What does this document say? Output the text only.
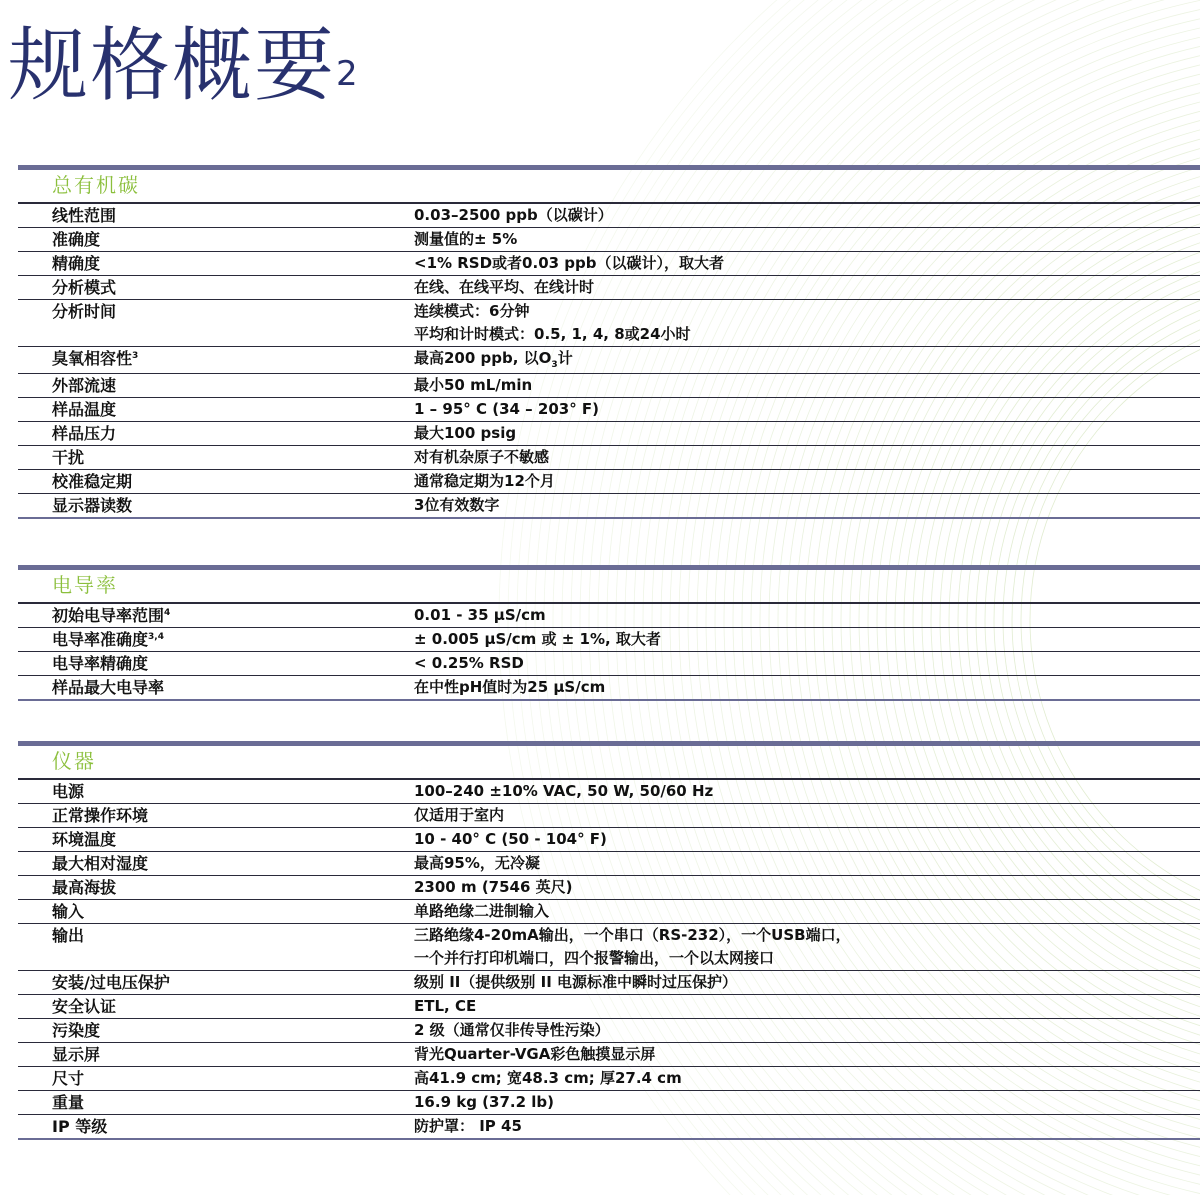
规格概要$^2$
总有机碳
线性范围	0.03–2500 ppb（以碳计）
准确度	测量值的± 5%
精确度	<1% RSD或者0.03 ppb（以碳计），取大者
分析模式	在线、在线平均、在线计时
分析时间	连续模式：6分钟
平均和计时模式：0.5, 1, 4, 8或24小时
臭氧相容性$^3$	最高200 ppb, 以$O_3$计
外部流速	最小50 mL/min
样品温度	1 – 95° C (34 – 203° F)
样品压力	最大100 psig
干扰	对有机杂原子不敏感
校准稳定期	通常稳定期为12个月
显示器读数	3位有效数字
电导率
初始电导率范围$^4$	0.01 - 35 µS/cm
电导率准确度$^{3,4}$	± 0.005 µS/cm 或 ± 1%, 取大者
电导率精确度	< 0.25% RSD
样品最大电导率	在中性pH值时为25 µS/cm
仪器
电源	100–240 ±10% VAC, 50 W, 50/60 Hz
正常操作环境	仅适用于室内
环境温度	10 - 40° C (50 - 104° F)
最大相对湿度	最高95%，无冷凝
最高海拔	2300 m (7546 英尺)
输入	单路绝缘二进制输入
输出	三路绝缘4-20mA输出，一个串口（RS-232），一个USB端口，
一个并行打印机端口，四个报警输出，一个以太网接口
安装/过电压保护	级别 II（提供级别 II 电源标准中瞬时过压保护）
安全认证	ETL, CE
污染度	2 级（通常仅非传导性污染）
显示屏	背光Quarter-VGA彩色触摸显示屏
尺寸	高41.9 cm; 宽48.3 cm; 厚27.4 cm
重量	16.9 kg (37.2 lb)
IP 等级	防护罩： IP 45
